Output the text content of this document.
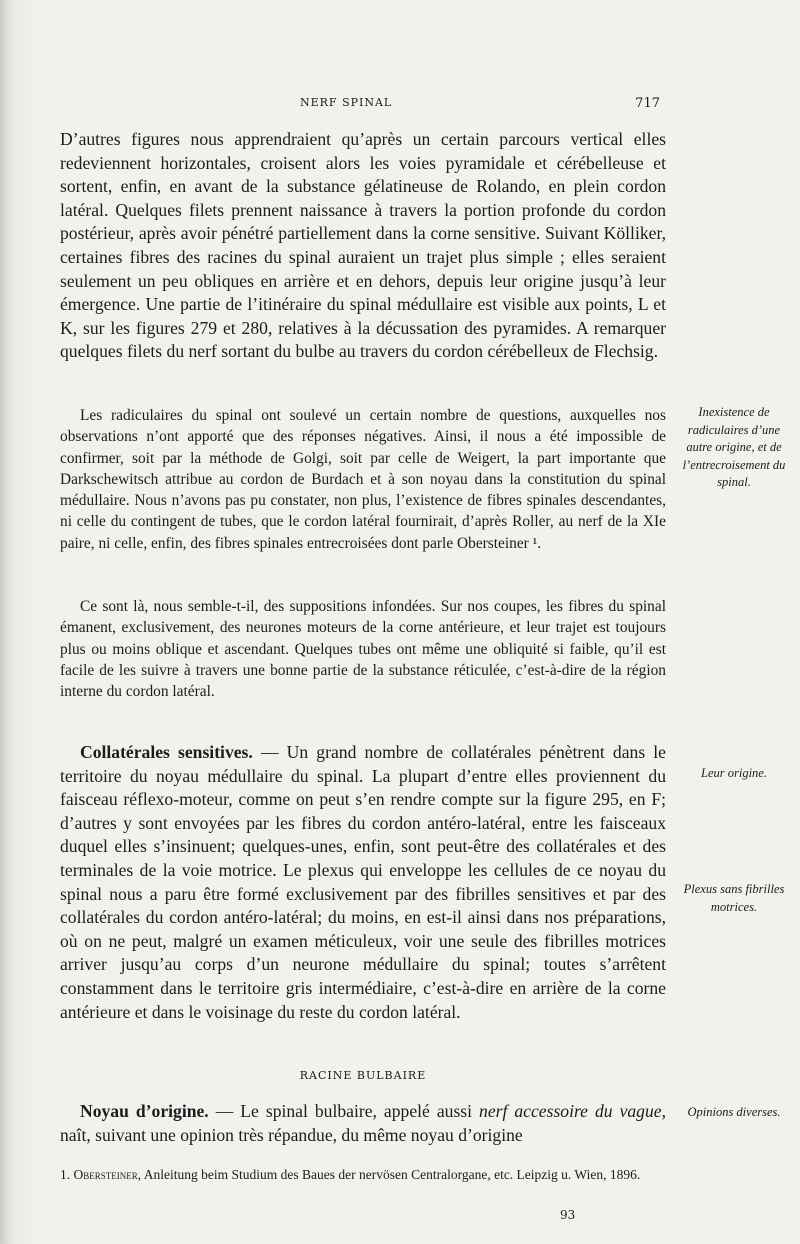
NERF SPINAL	717

D’autres figures nous apprendraient qu’après un certain parcours vertical elles redeviennent horizontales, croisent alors les voies pyramidale et cérébelleuse et sortent, enfin, en avant de la substance gélatineuse de Rolando, en plein cordon latéral. Quelques filets prennent naissance à travers la portion profonde du cordon postérieur, après avoir pénétré partiellement dans la corne sensitive. Suivant Kölliker, certaines fibres des racines du spinal auraient un trajet plus simple ; elles seraient seulement un peu obliques en arrière et en dehors, depuis leur origine jusqu’à leur émergence. Une partie de l’itinéraire du spinal médullaire est visible aux points, L et K, sur les figures 279 et 280, relatives à la décussation des pyramides. A remarquer quelques filets du nerf sortant du bulbe au travers du cordon cérébelleux de Flechsig.

Les radiculaires du spinal ont soulevé un certain nombre de questions, auxquelles nos observations n’ont apporté que des réponses négatives. Ainsi, il nous a été impossible de confirmer, soit par la méthode de Golgi, soit par celle de Weigert, la part importante que Darkschewitsch attribue au cordon de Burdach et à son noyau dans la constitution du spinal médullaire. Nous n’avons pas pu constater, non plus, l’existence de fibres spinales descendantes, ni celle du contingent de tubes, que le cordon latéral fournirait, d’après Roller, au nerf de la XIe paire, ni celle, enfin, des fibres spinales entrecroisées dont parle Obersteiner ¹.

Ce sont là, nous semble-t-il, des suppositions infondées. Sur nos coupes, les fibres du spinal émanent, exclusivement, des neurones moteurs de la corne antérieure, et leur trajet est toujours plus ou moins oblique et ascendant. Quelques tubes ont même une obliquité si faible, qu’il est facile de les suivre à travers une bonne partie de la substance réticulée, c’est-à-dire de la région interne du cordon latéral.

Collatérales sensitives. — Un grand nombre de collatérales pénètrent dans le territoire du noyau médullaire du spinal. La plupart d’entre elles proviennent du faisceau réflexo-moteur, comme on peut s’en rendre compte sur la figure 295, en F; d’autres y sont envoyées par les fibres du cordon antéro-latéral, entre les faisceaux duquel elles s’insinuent; quelques-unes, enfin, sont peut-être des collatérales et des terminales de la voie motrice. Le plexus qui enveloppe les cellules de ce noyau du spinal nous a paru être formé exclusivement par des fibrilles sensitives et par des collatérales du cordon antéro-latéral; du moins, en est-il ainsi dans nos préparations, où on ne peut, malgré un examen méticuleux, voir une seule des fibrilles motrices arriver jusqu’au corps d’un neurone médullaire du spinal; toutes s’arrêtent constamment dans le territoire gris intermédiaire, c’est-à-dire en arrière de la corne antérieure et dans le voisinage du reste du cordon latéral.

RACINE BULBAIRE

Noyau d’origine. — Le spinal bulbaire, appelé aussi nerf accessoire du vague, naît, suivant une opinion très répandue, du même noyau d’origine

Inexistence de radiculaires d’une autre origine, et de l’entrecroisement du spinal.
Leur origine.
Plexus sans fibrilles motrices.
Opinions diverses.
1. Obersteiner, Anleitung beim Studium des Baues der nervösen Centralorgane, etc. Leipzig u. Wien, 1896.
93
